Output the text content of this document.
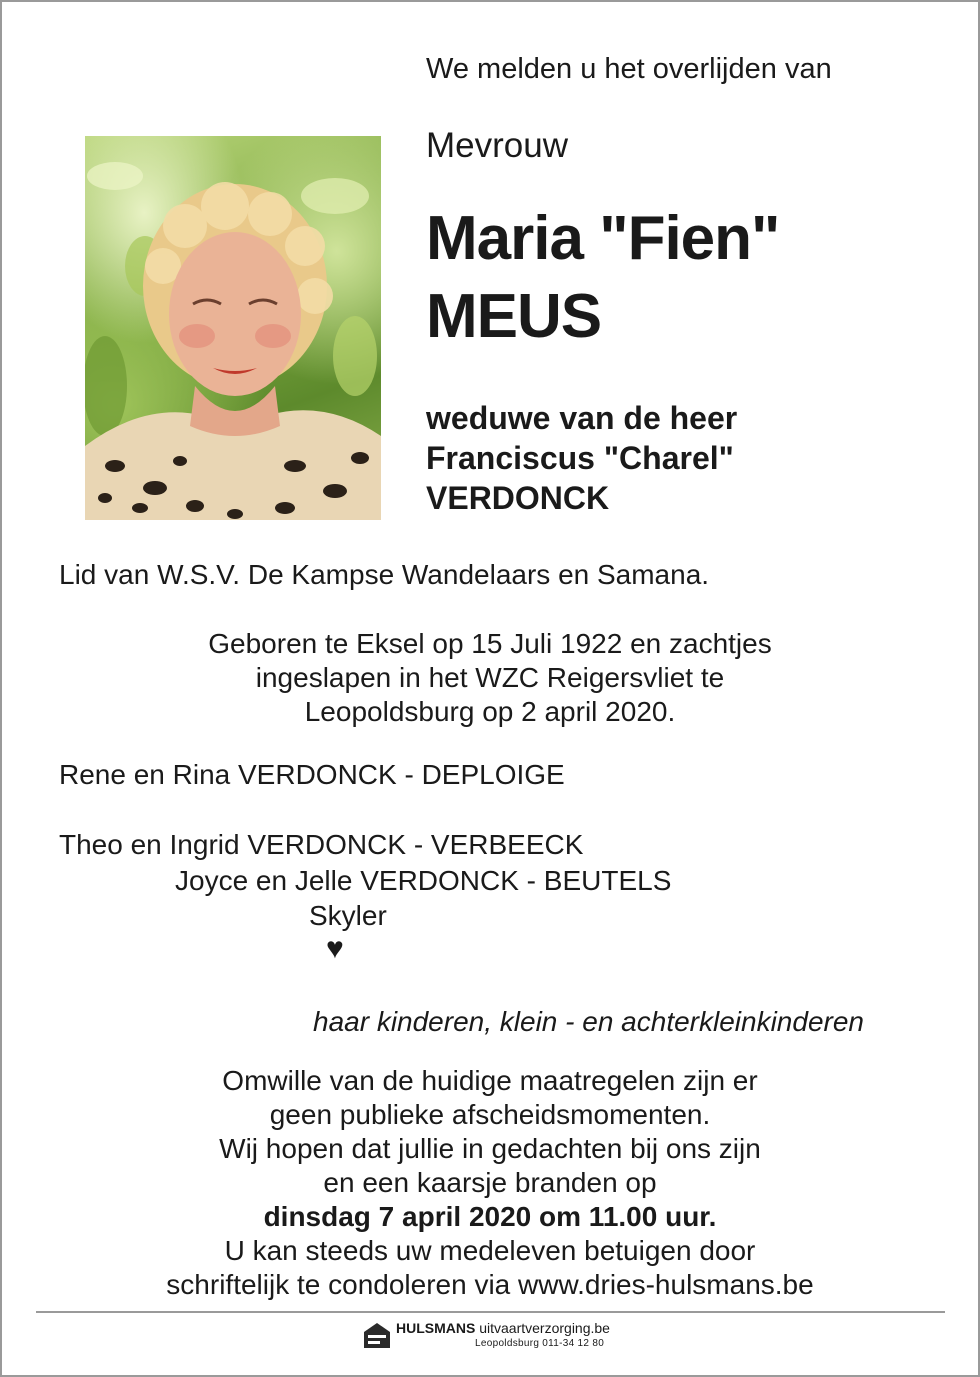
We melden u het overlijden van
Mevrouw
Maria "Fien"
MEUS
weduwe van de heer
Franciscus "Charel"
VERDONCK
Lid van W.S.V. De Kampse Wandelaars en Samana.
Geboren te Eksel op 15 Juli 1922 en zachtjes
ingeslapen in het WZC Reigersvliet te
Leopoldsburg op 2 april 2020.
Rene en Rina VERDONCK - DEPLOIGE
Theo en Ingrid VERDONCK - VERBEECK
Joyce en Jelle VERDONCK - BEUTELS
Skyler
♥
haar kinderen, klein - en achterkleinkinderen
Omwille van de huidige maatregelen zijn er
geen publieke afscheidsmomenten.
Wij hopen dat jullie in gedachten bij ons zijn
en een kaarsje branden op
dinsdag 7 april 2020 om 11.00 uur.
U kan steeds uw medeleven betuigen door
schriftelijk te condoleren via www.dries-hulsmans.be
HULSMANS uitvaartverzorging.be
Leopoldsburg 011-34 12 80
